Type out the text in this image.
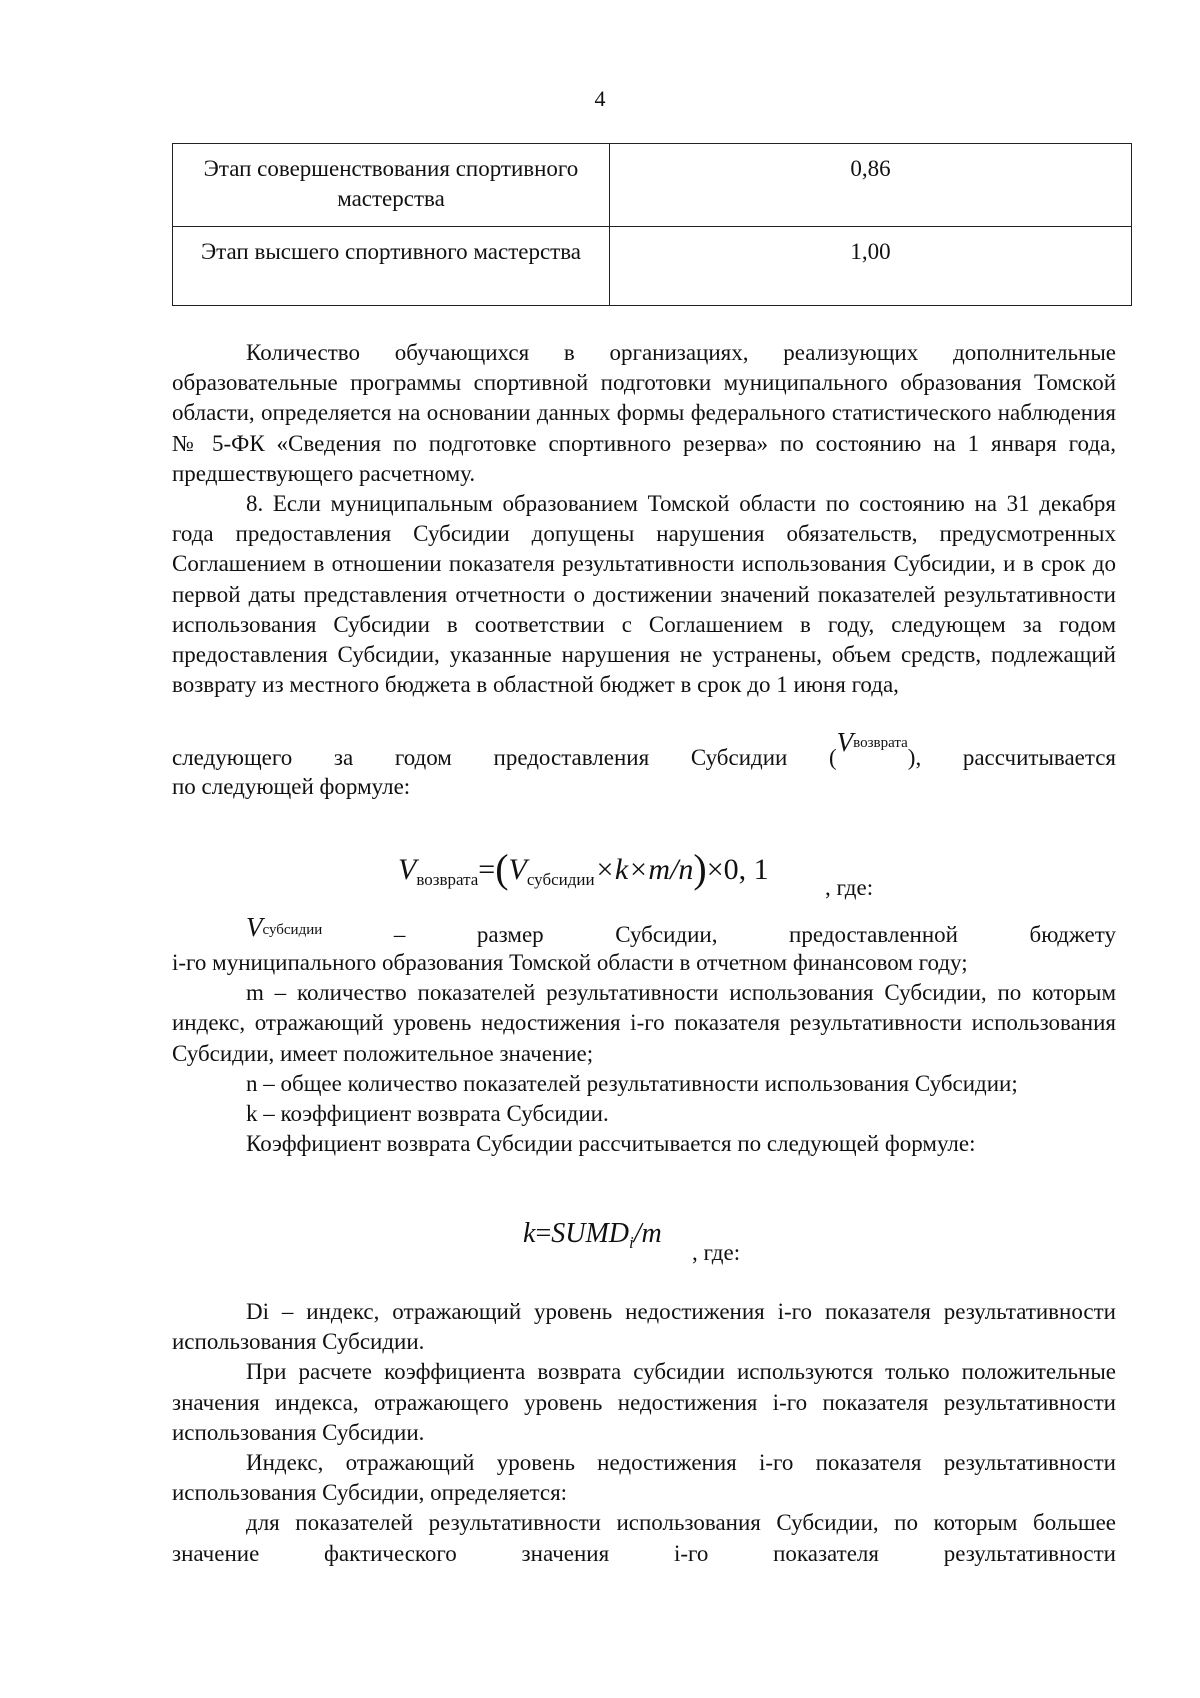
4
Этап совершенствования спортивного мастерства	0,86
Этап высшего спортивного мастерства	1,00

Количество обучающихся в организациях, реализующих дополнительные образовательные программы спортивной подготовки муниципального образования Томской области, определяется на основании данных формы федерального статистического наблюдения № 5-ФК «Сведения по подготовке спортивного резерва» по состоянию на 1 января года, предшествующего расчетному.

8. Если муниципальным образованием Томской области по состоянию на 31 декабря года предоставления Субсидии допущены нарушения обязательств, предусмотренных Соглашением в отношении показателя результативности использования Субсидии, и в срок до первой даты представления отчетности о достижении значений показателей результативности использования Субсидии в соответствии с Соглашением в году, следующем за годом предоставления Субсидии, указанные нарушения не устранены, объем средств, подлежащий возврату из местного бюджета в областной бюджет в срок до 1 июня года,

следующего за годом предоставления Субсидии $(V^{возврата})$, рассчитывается

по следующей формуле:

$V_{возврата}=(V_{субсидии}\times k\times m/n)\times 0$, 1
, где:

$V^{субсидии}$ – размер Субсидии, предоставленной бюджету

i-го муниципального образования Томской области в отчетном финансовом году;

m – количество показателей результативности использования Субсидии, по которым индекс, отражающий уровень недостижения i-го показателя результативности использования Субсидии, имеет положительное значение;

n – общее количество показателей результативности использования Субсидии;

k – коэффициент возврата Субсидии.

Коэффициент возврата Субсидии рассчитывается по следующей формуле:

$k=SUMD_i/m$
, где:

Di – индекс, отражающий уровень недостижения i-го показателя результативности использования Субсидии.

При расчете коэффициента возврата субсидии используются только положительные значения индекса, отражающего уровень недостижения i-го показателя результативности использования Субсидии.

Индекс, отражающий уровень недостижения i-го показателя результативности использования Субсидии, определяется:

для показателей результативности использования Субсидии, по которым большее значение фактического значения i-го показателя результативности
